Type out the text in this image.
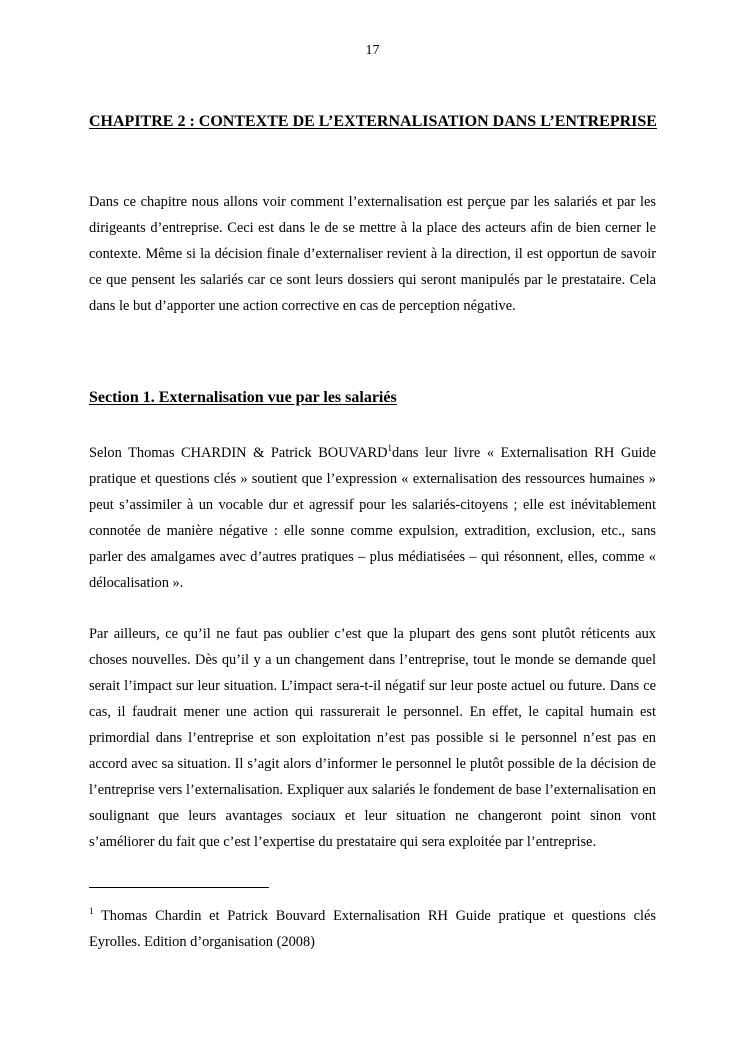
17
CHAPITRE 2 : CONTEXTE DE L’EXTERNALISATION DANS L’ENTREPRISE

Dans ce chapitre nous allons voir comment l’externalisation est perçue par les salariés et par les dirigeants d’entreprise. Ceci est dans le de se mettre à la place des acteurs afin de bien cerner le contexte. Même si la décision finale d’externaliser revient à la direction, il est opportun de savoir ce que pensent les salariés car ce sont leurs dossiers qui seront manipulés par le prestataire. Cela dans le but d’apporter une action corrective en cas de perception négative.

Section 1. Externalisation vue par les salariés

Selon Thomas CHARDIN & Patrick BOUVARD$^1$dans leur livre « Externalisation RH Guide pratique et questions clés » soutient que l’expression « externalisation des ressources humaines » peut s’assimiler à un vocable dur et agressif pour les salariés-citoyens ; elle est inévitablement connotée de manière négative : elle sonne comme expulsion, extradition, exclusion, etc., sans parler des amalgames avec d’autres pratiques – plus médiatisées – qui résonnent, elles, comme « délocalisation ».

Par ailleurs, ce qu’il ne faut pas oublier c’est que la plupart des gens sont plutôt réticents aux choses nouvelles. Dès qu’il y a un changement dans l’entreprise, tout le monde se demande quel serait l’impact sur leur situation. L’impact sera-t-il négatif sur leur poste actuel ou future. Dans ce cas, il faudrait mener une action qui rassurerait le personnel. En effet, le capital humain est primordial dans l’entreprise et son exploitation n’est pas possible si le personnel n’est pas en accord avec sa situation. Il s’agit alors d’informer le personnel le plutôt possible de la décision de l’entreprise vers l’externalisation. Expliquer aux salariés le fondement de base l’externalisation en soulignant que leurs avantages sociaux et leur situation ne changeront point sinon vont s’améliorer du fait que c’est l’expertise du prestataire qui sera exploitée par l’entreprise.

$^1$ Thomas Chardin et Patrick Bouvard Externalisation RH Guide pratique et questions clés Eyrolles. Edition d’organisation (2008)
